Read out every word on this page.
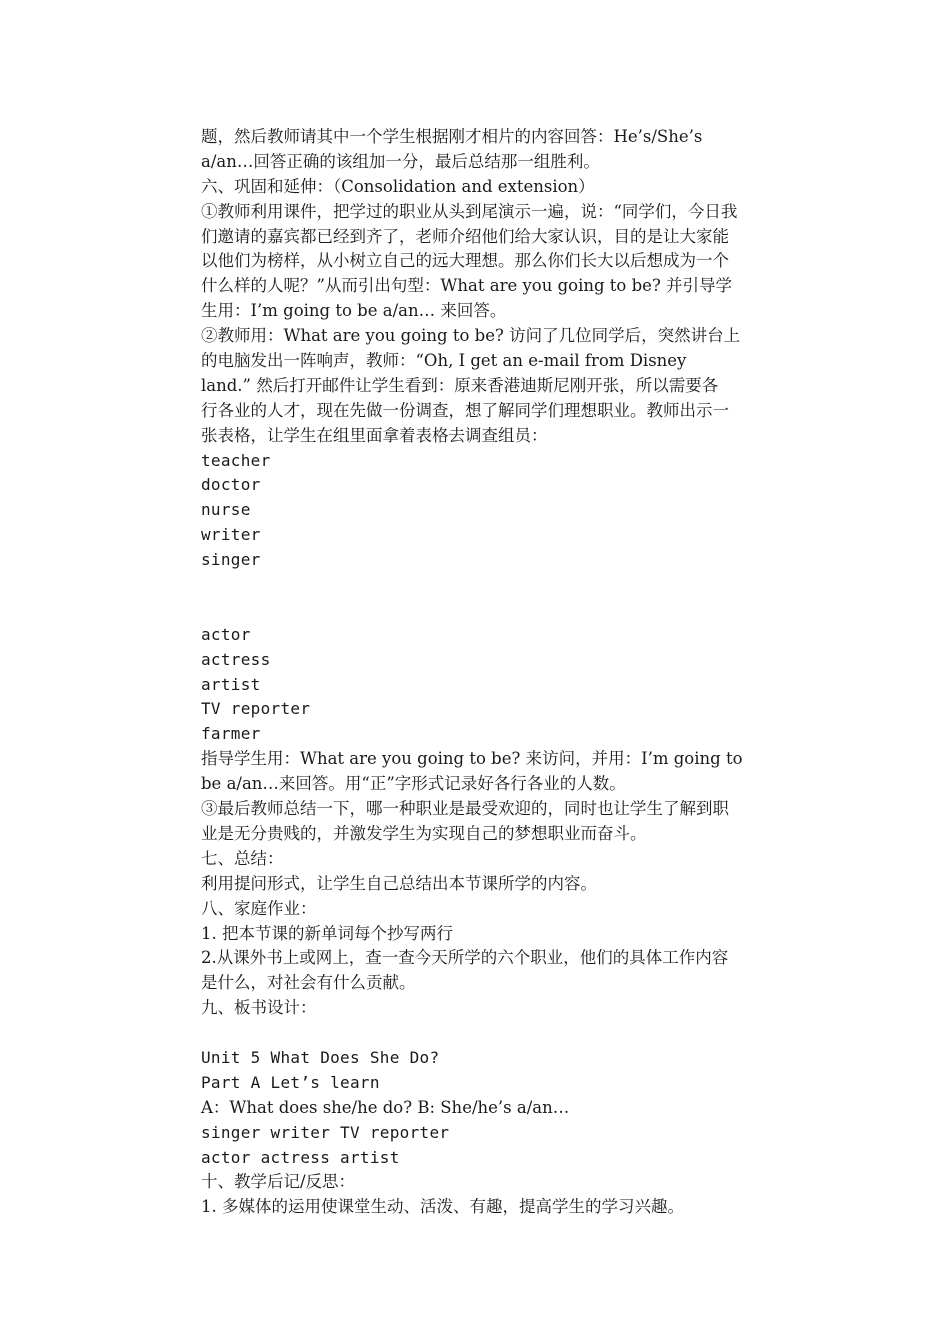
题，然后教师请其中一个学生根据刚才相片的内容回答：He’s/She’s
a/an…回答正确的该组加一分，最后总结那一组胜利。
六、巩固和延伸：（Consolidation and extension）
①教师利用课件，把学过的职业从头到尾演示一遍，说：“同学们，今日我
们邀请的嘉宾都已经到齐了，老师介绍他们给大家认识，目的是让大家能
以他们为榜样，从小树立自己的远大理想。那么你们长大以后想成为一个
什么样的人呢？”从而引出句型：What are you going to be? 并引导学
生用：I’m going to be a/an… 来回答。
②教师用：What are you going to be? 访问了几位同学后，突然讲台上
的电脑发出一阵响声，教师：“Oh, I get an e-mail from Disney
land.” 然后打开邮件让学生看到：原来香港迪斯尼刚开张，所以需要各
行各业的人才，现在先做一份调查，想了解同学们理想职业。教师出示一
张表格，让学生在组里面拿着表格去调查组员：
teacher
doctor
nurse
writer
singer
actor
actress
artist
TV reporter
farmer
指导学生用：What are you going to be? 来访问，并用：I’m going to
be a/an…来回答。用“正”字形式记录好各行各业的人数。
③最后教师总结一下，哪一种职业是最受欢迎的，同时也让学生了解到职
业是无分贵贱的，并激发学生为实现自己的梦想职业而奋斗。
七、总结：
利用提问形式，让学生自己总结出本节课所学的内容。
八、家庭作业：
1. 把本节课的新单词每个抄写两行
2.从课外书上或网上，查一查今天所学的六个职业，他们的具体工作内容
是什么，对社会有什么贡献。
九、板书设计：
Unit 5 What Does She Do?
Part A Let’s learn
A：What does she/he do? B: She/he’s a/an…
singer writer TV reporter
actor actress artist
十、教学后记/反思：
1. 多媒体的运用使课堂生动、活泼、有趣，提高学生的学习兴趣。
